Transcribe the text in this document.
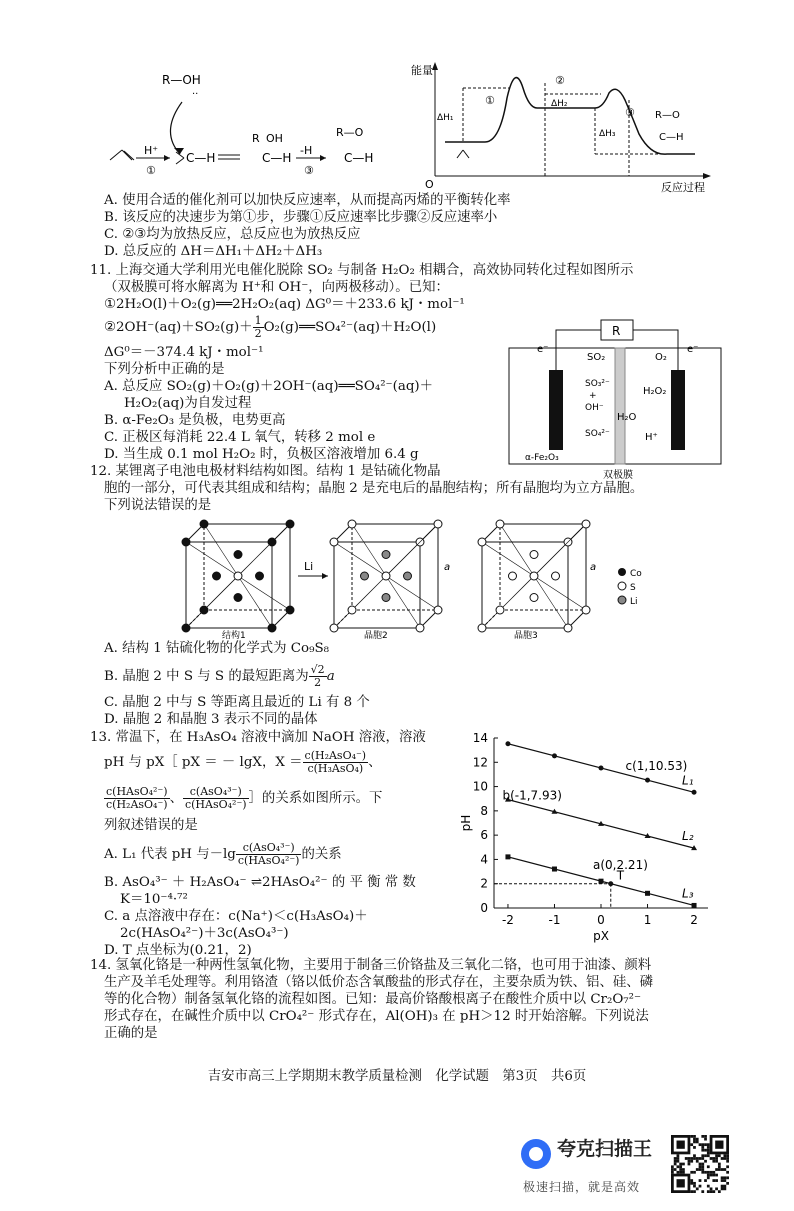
R—OH
··
H⁺
①
C—H
R OH
C—H
-H
③
R—O
C—H
能量
O	反应过程
ΔH₁
①
②
ΔH₂
③
ΔH₃
R—O
C—H
A. 使用合适的催化剂可以加快反应速率，从而提高丙烯的平衡转化率
B. 该反应的决速步为第①步，步骤①反应速率比步骤②反应速率小
C. ②③均为放热反应，总反应也为放热反应
D. 总反应的 ΔH＝ΔH₁＋ΔH₂＋ΔH₃
11. 上海交通大学利用光电催化脱除 SO₂ 与制备 H₂O₂ 相耦合，高效协同转化过程如图所示
（双极膜可将水解离为 H⁺和 OH⁻，向两极移动）。已知：
①2H₂O(l)＋O₂(g)══2H₂O₂(aq) ΔG⁰＝＋233.6 kJ・mol⁻¹
②2OH⁻(aq)＋SO₂(g)＋ $\frac{1}{2}$ O₂(g)══SO₄²⁻(aq)＋H₂O(l)
ΔG⁰＝－374.4 kJ・mol⁻¹
下列分析中正确的是
A. 总反应 SO₂(g)＋O₂(g)＋2OH⁻(aq)══SO₄²⁻(aq)＋
H₂O₂(aq)为自发过程
B. α-Fe₂O₃ 是负极，电势更高
C. 正极区每消耗 22.4 L 氧气，转移 2 mol e
D. 当生成 0.1 mol H₂O₂ 时，负极区溶液增加 6.4 g
R
e⁻	e⁻
SO₂	O₂
SO₃²⁻
+
OH⁻
H₂O
SO₄²⁻
H₂O₂
H⁺
α-Fe₂O₃
双极膜
12. 某锂离子电池电极材料结构如图。结构 1 是钴硫化物晶
胞的一部分，可代表其组成和结构；晶胞 2 是充电后的晶胞结构；所有晶胞均为立方晶胞。
下列说法错误的是
Li	a	a
结构1	晶胞2	晶胞3
Co
S
Li
A. 结构 1 钴硫化物的化学式为 Co₉S₈
B. 晶胞 2 中 S 与 S 的最短距离为 $\frac{√2}{2}$ a
C. 晶胞 2 中与 S 等距离且最近的 Li 有 8 个
D. 晶胞 2 和晶胞 3 表示不同的晶体
13. 常温下，在 H₃AsO₄ 溶液中滴加 NaOH 溶液，溶液
pH 与 pX［ pX ＝ － lgX，$X = \frac{\text{c(H₂AsO₄⁻)}}{\text{c(H₃AsO₄)}}$ 、
$\frac{\text{c(HAsO₄²⁻)}}{\text{c(H₂AsO₄⁻)}}$ 、 $\frac{\text{c(AsO₄³⁻)}}{\text{c(HAsO₄²⁻)}}$ ］的关系如图所示。下
列叙述错误的是
A. L₁ 代表 pH 与$-\lg \frac{\text{c(AsO₄³⁻)}}{\text{c(HAsO₄²⁻)}}$ 的关系
B. AsO₄³⁻ ＋ H₂AsO₄⁻ ⇌2HAsO₄²⁻ 的 平 衡 常 数
K＝10⁻⁴·⁷²
C. a 点溶液中存在：c(Na⁺)＜c(H₃AsO₄)＋
2c(HAsO₄²⁻)＋3c(AsO₄³⁻)
D. T 点坐标为(0.21，2)
0
2
4
6
8
10
12
14
-2	-1	0	1	2
pX
pH
L₁
L₂
L₃
c(1,10.53)
b(-1,7.93)
a(0,2.21)
T
14. 氢氧化铬是一种两性氢氧化物，主要用于制备三价铬盐及三氧化二铬，也可用于油漆、颜料
生产及羊毛处理等。利用铬渣（铬以低价态含氧酸盐的形式存在，主要杂质为铁、铝、硅、磷
等的化合物）制备氢氧化铬的流程如图。已知：最高价铬酸根离子在酸性介质中以 Cr₂O₇²⁻
形式存在，在碱性介质中以 CrO₄²⁻ 形式存在，Al(OH)₃ 在 pH＞12 时开始溶解。下列说法
正确的是
吉安市高三上学期期末教学质量检测　化学试题　第3页　共6页
夸克扫描王
极速扫描，就是高效
